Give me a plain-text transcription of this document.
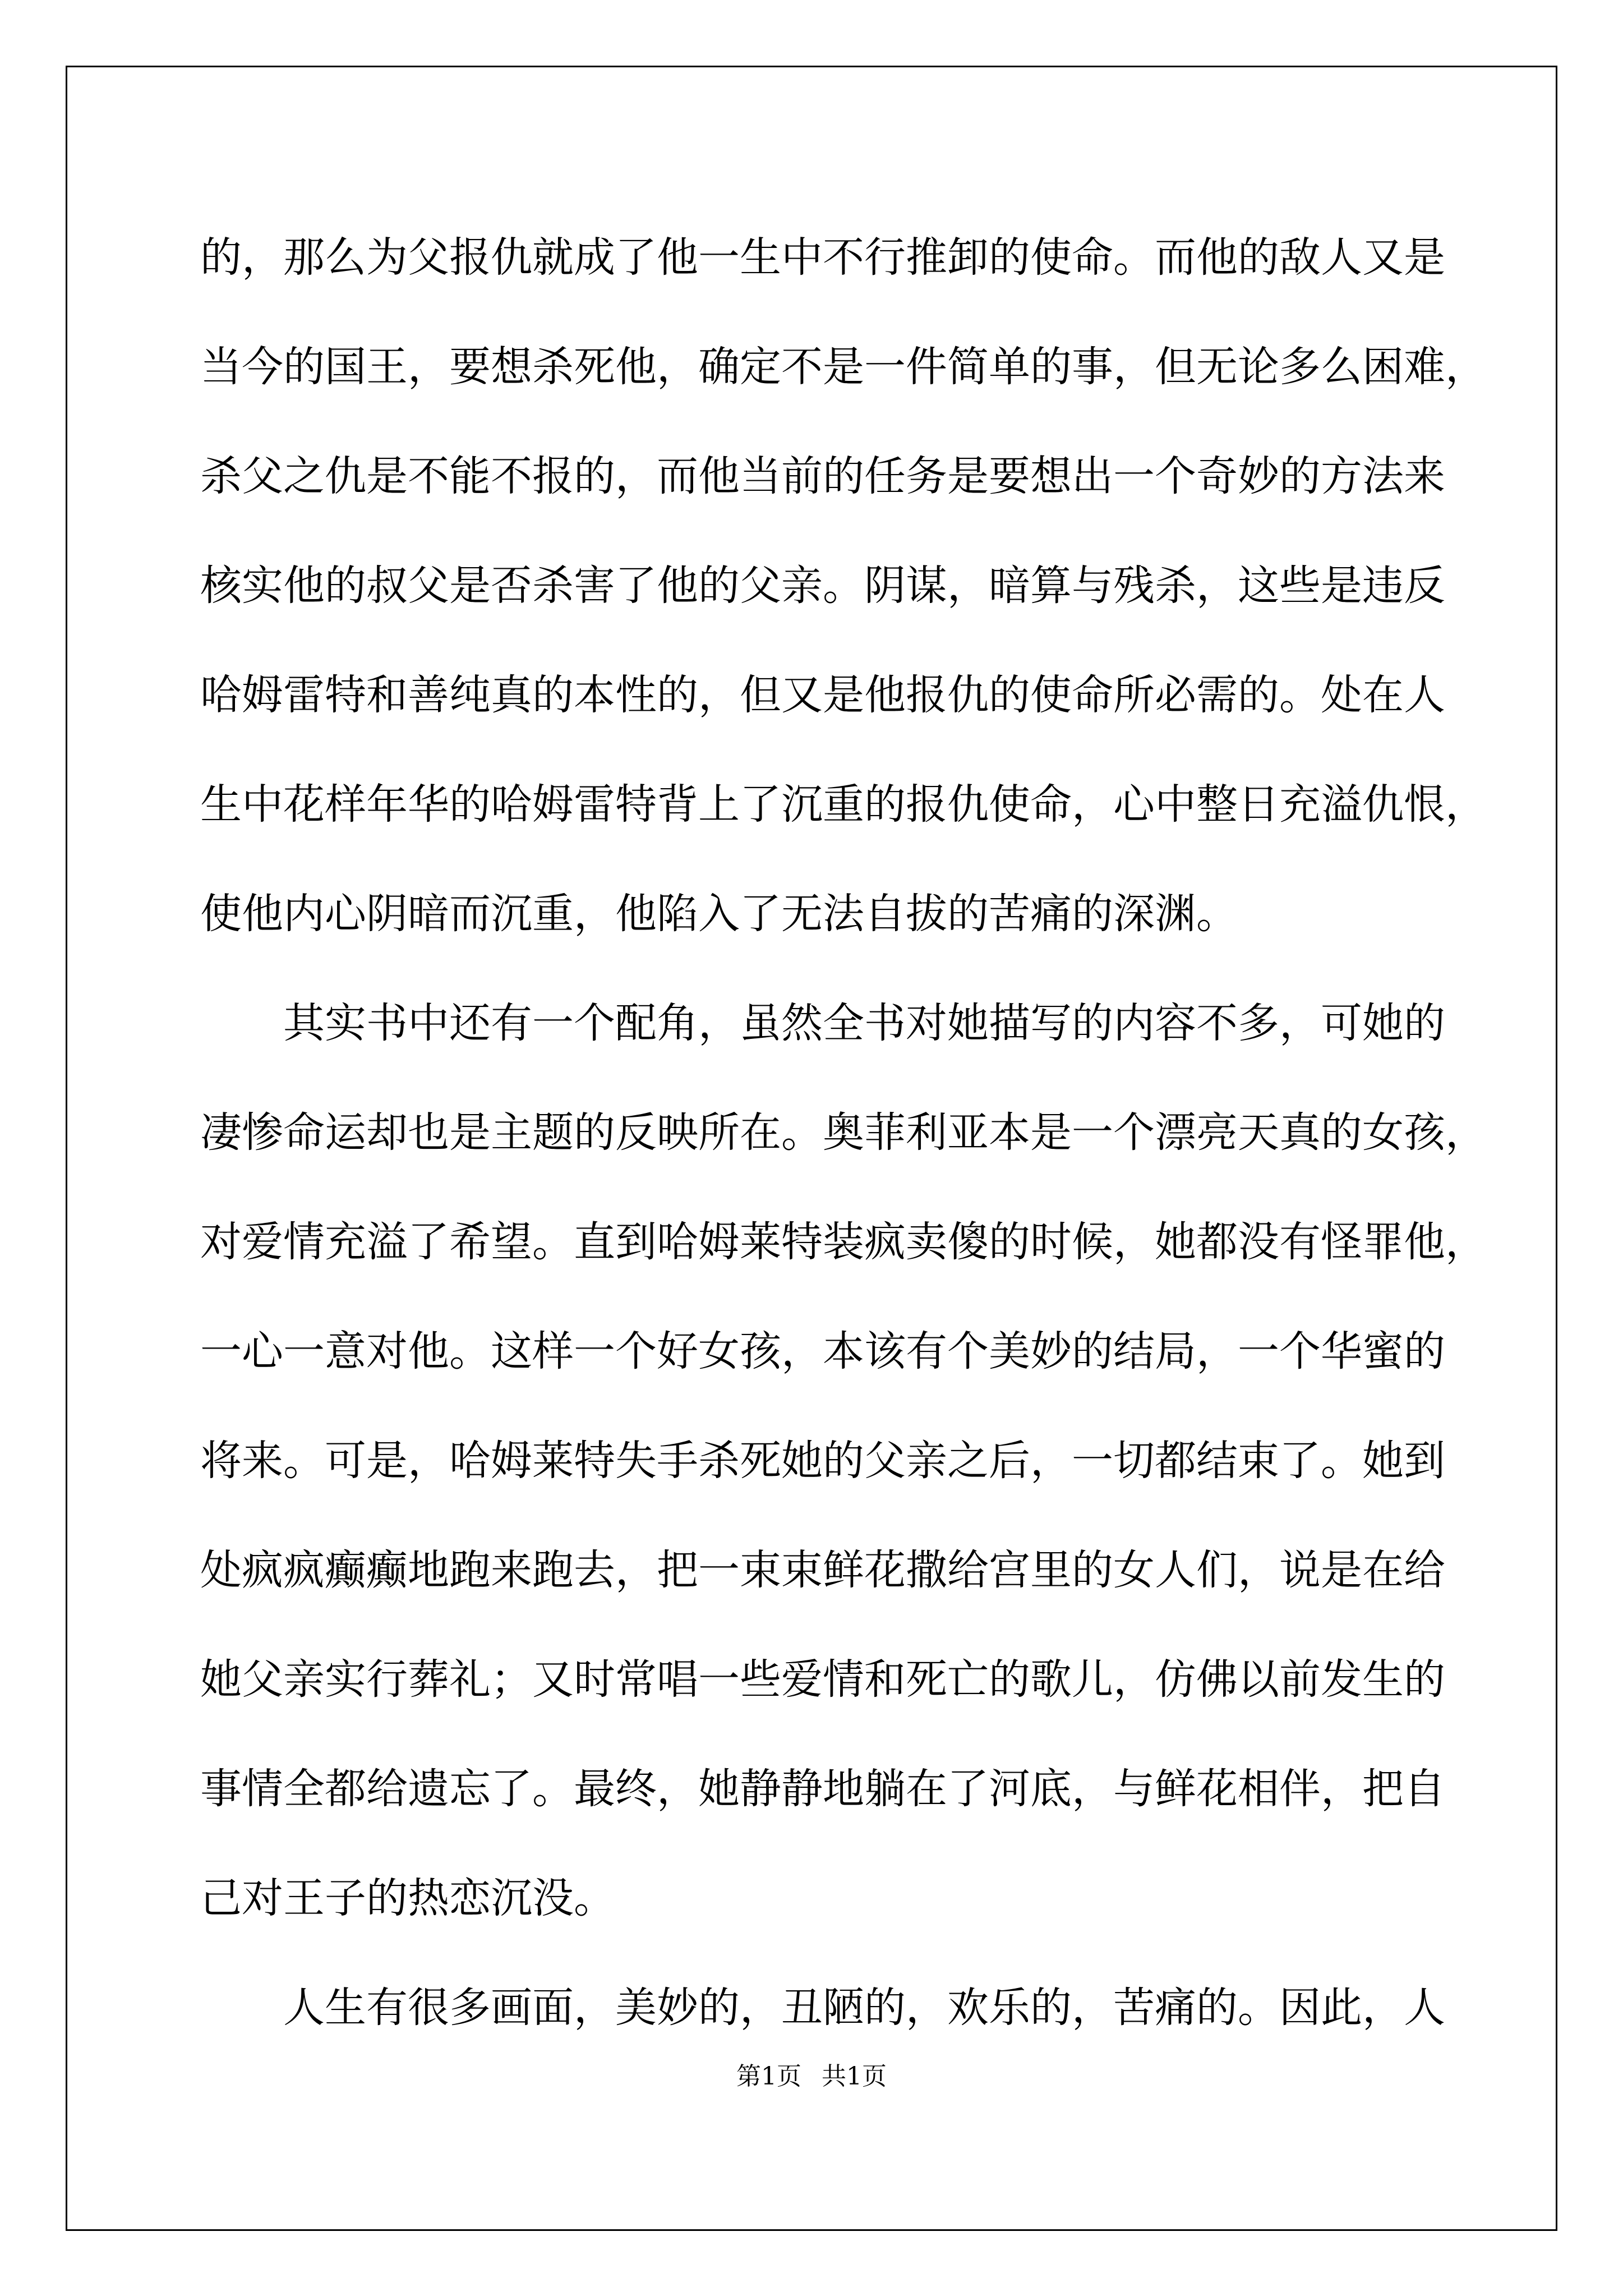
的，那么为父报仇就成了他一生中不行推卸的使命。而他的敌人又是
当今的国王，要想杀死他，确定不是一件简单的事，但无论多么困难，
杀父之仇是不能不报的，而他当前的任务是要想出一个奇妙的方法来
核实他的叔父是否杀害了他的父亲。阴谋，暗算与残杀，这些是违反
哈姆雷特和善纯真的本性的，但又是他报仇的使命所必需的。处在人
生中花样年华的哈姆雷特背上了沉重的报仇使命，心中整日充溢仇恨，
使他内心阴暗而沉重，他陷入了无法自拔的苦痛的深渊。
其实书中还有一个配角，虽然全书对她描写的内容不多，可她的
凄惨命运却也是主题的反映所在。奥菲利亚本是一个漂亮天真的女孩，
对爱情充溢了希望。直到哈姆莱特装疯卖傻的时候，她都没有怪罪他，
一心一意对他。这样一个好女孩，本该有个美妙的结局，一个华蜜的
将来。可是，哈姆莱特失手杀死她的父亲之后，一切都结束了。她到
处疯疯癫癫地跑来跑去，把一束束鲜花撒给宫里的女人们，说是在给
她父亲实行葬礼；又时常唱一些爱情和死亡的歌儿，仿佛以前发生的
事情全都给遗忘了。最终，她静静地躺在了河底，与鲜花相伴，把自
己对王子的热恋沉没。
人生有很多画面，美妙的，丑陋的，欢乐的，苦痛的。因此，人
第1页 共1页
